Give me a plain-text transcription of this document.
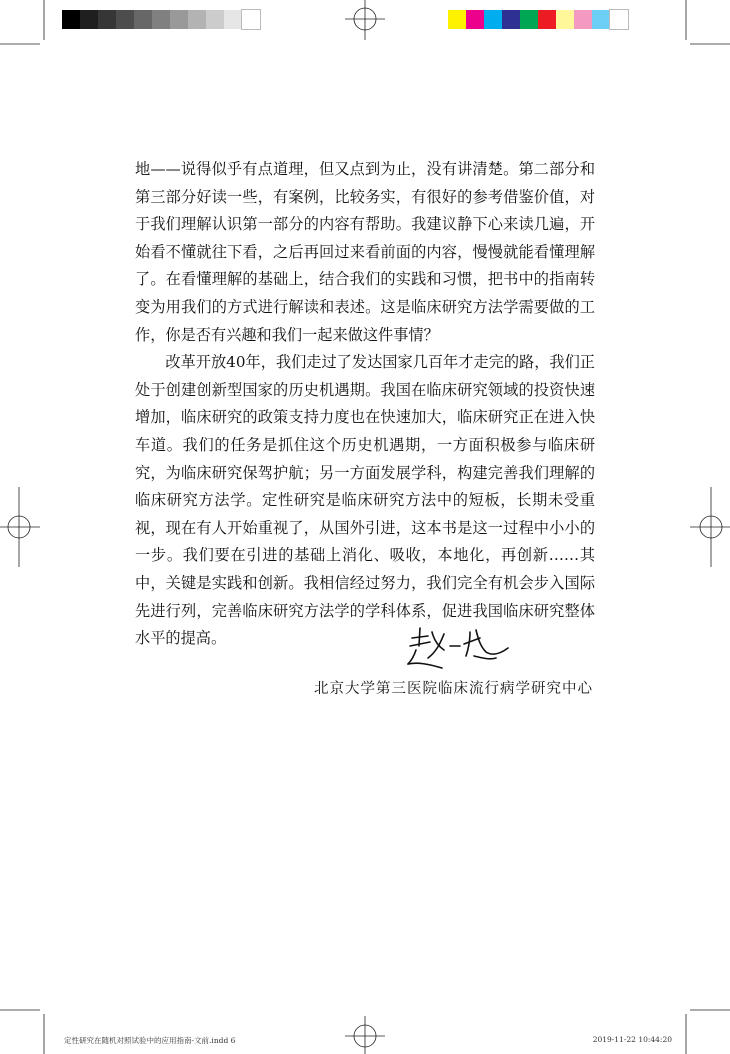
地——说得似乎有点道理，但又点到为止，没有讲清楚。第二部分和第三部分好读一些，有案例，比较务实，有很好的参考借鉴价值，对于我们理解认识第一部分的内容有帮助。我建议静下心来读几遍，开始看不懂就往下看，之后再回过来看前面的内容，慢慢就能看懂理解了。在看懂理解的基础上，结合我们的实践和习惯，把书中的指南转变为用我们的方式进行解读和表述。这是临床研究方法学需要做的工作，你是否有兴趣和我们一起来做这件事情？

改革开放40年，我们走过了发达国家几百年才走完的路，我们正处于创建创新型国家的历史机遇期。我国在临床研究领域的投资快速增加，临床研究的政策支持力度也在快速加大，临床研究正在进入快车道。我们的任务是抓住这个历史机遇期，一方面积极参与临床研究，为临床研究保驾护航；另一方面发展学科，构建完善我们理解的临床研究方法学。定性研究是临床研究方法中的短板，长期未受重视，现在有人开始重视了，从国外引进，这本书是这一过程中小小的一步。我们要在引进的基础上消化、吸收，本地化，再创新……其中，关键是实践和创新。我相信经过努力，我们完全有机会步入国际先进行列，完善临床研究方法学的学科体系，促进我国临床研究整体水平的提高。

北京大学第三医院临床流行病学研究中心
定性研究在随机对照试验中的应用指南-文前.indd 6	2019-11-22 10:44:20
